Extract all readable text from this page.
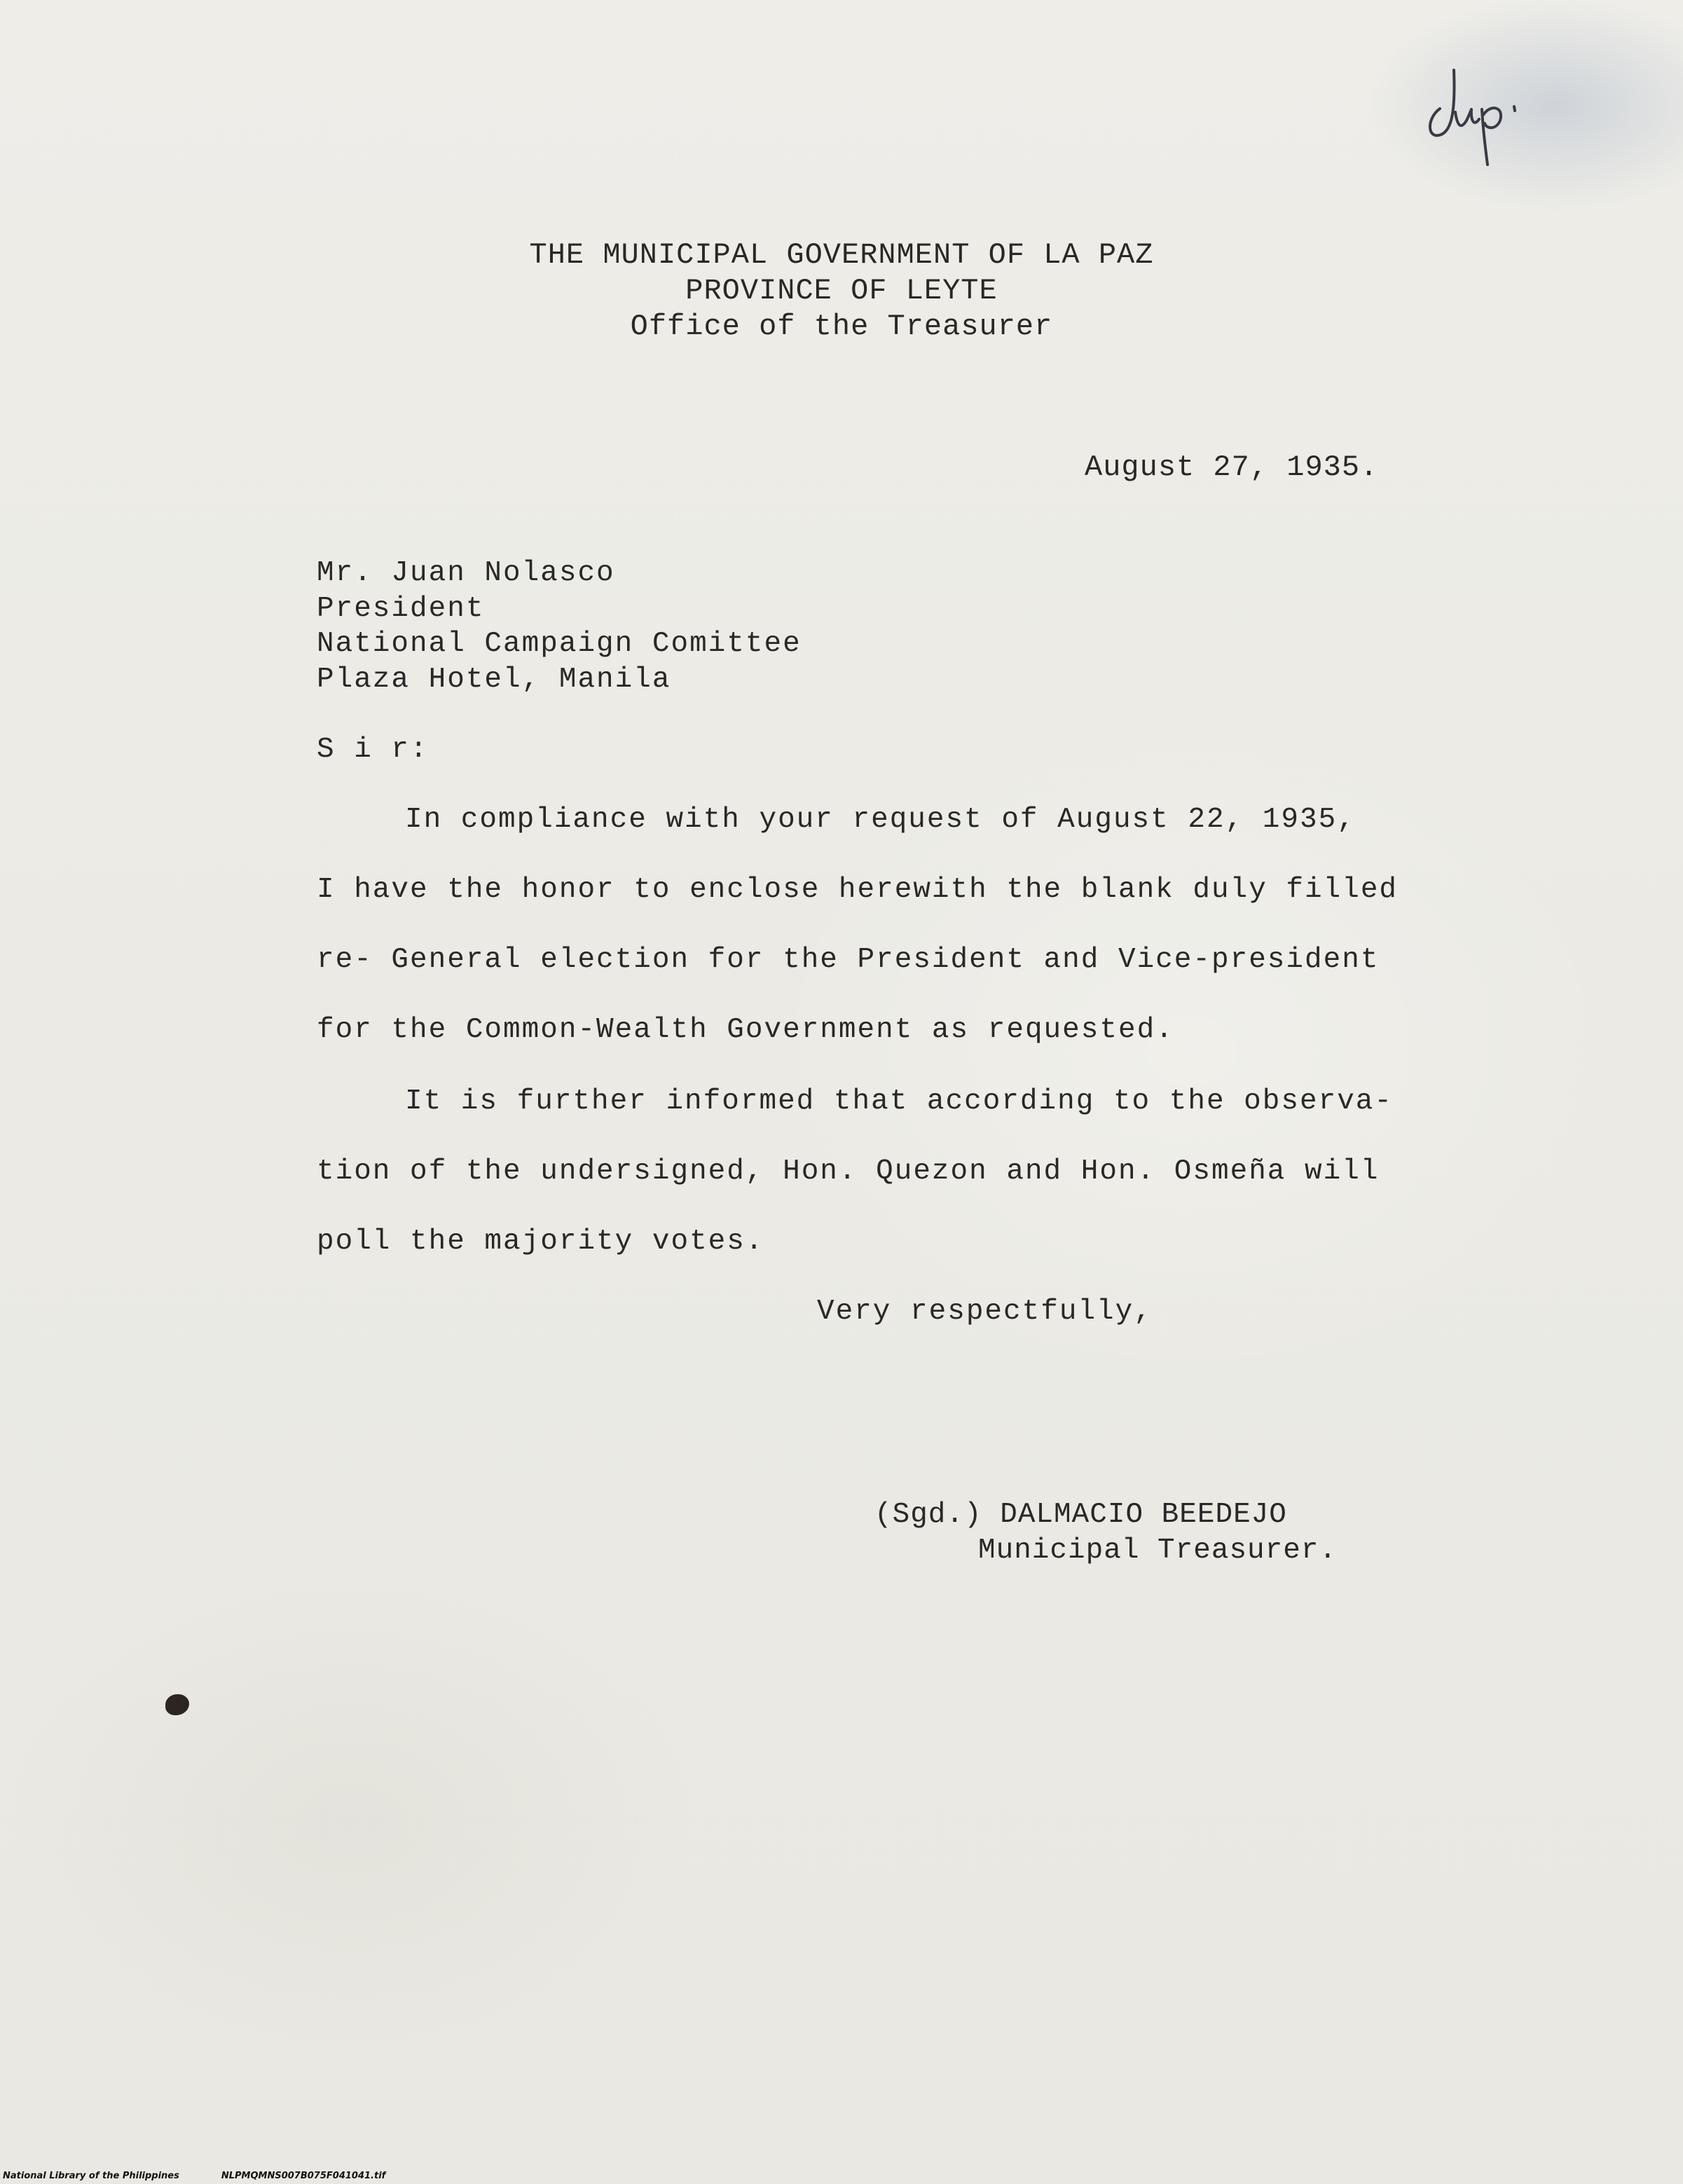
THE MUNICIPAL GOVERNMENT OF LA PAZ
PROVINCE OF LEYTE
Office of the Treasurer
August 27, 1935.
Mr. Juan Nolasco
President
National Campaign Comittee
Plaza Hotel, Manila
S i r:
In compliance with your request of August 22, 1935,
I have the honor to enclose herewith the blank duly filled
re- General election for the President and Vice-president
for the Common-Wealth Government as requested.
It is further informed that according to the observa-
tion of the undersigned, Hon. Quezon and Hon. Osmeña will
poll the majority votes.
Very respectfully,
(Sgd.) DALMACIO BEEDEJO
Municipal Treasurer.
National Library of the Philippines	NLPMQMNS007B075F041041.tif
